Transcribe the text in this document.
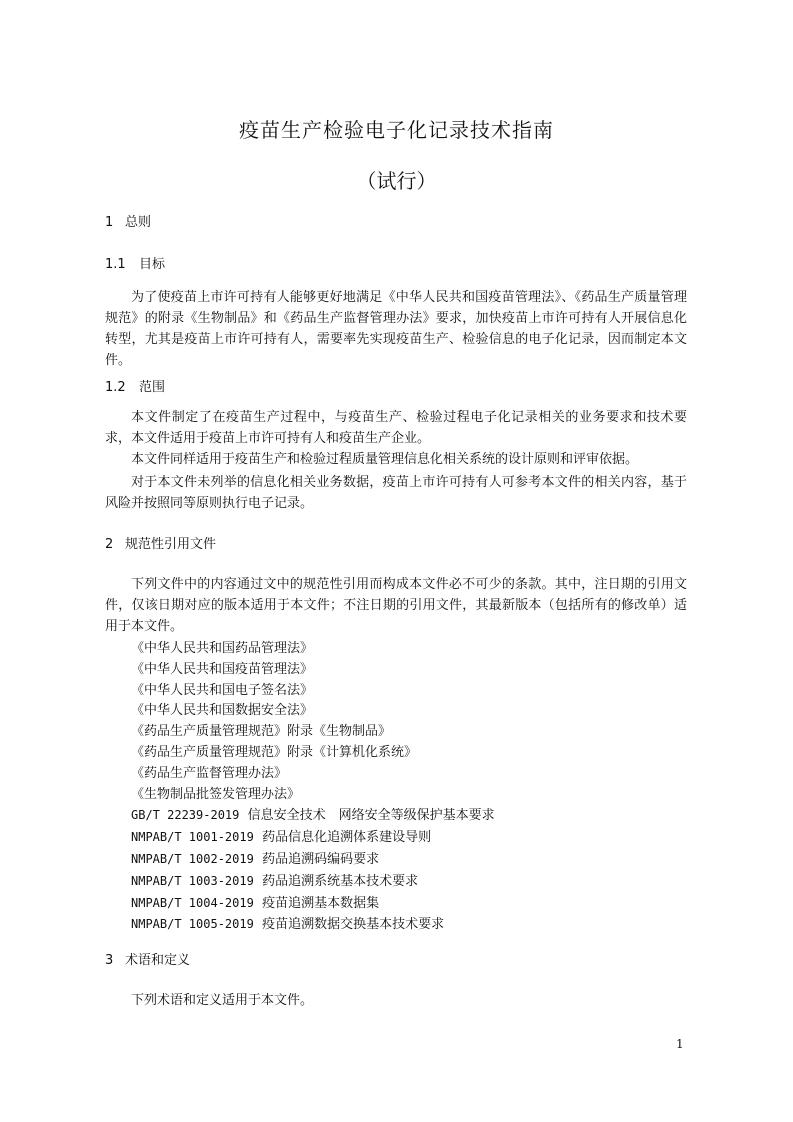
疫苗生产检验电子化记录技术指南
（试行）
1 总则
1.1 目标
为了使疫苗上市许可持有人能够更好地满足《中华人民共和国疫苗管理法》、《药品生产质量管理规范》的附录《生物制品》和《药品生产监督管理办法》要求，加快疫苗上市许可持有人开展信息化转型，尤其是疫苗上市许可持有人，需要率先实现疫苗生产、检验信息的电子化记录，因而制定本文件。
1.2 范围
本文件制定了在疫苗生产过程中，与疫苗生产、检验过程电子化记录相关的业务要求和技术要求，本文件适用于疫苗上市许可持有人和疫苗生产企业。
本文件同样适用于疫苗生产和检验过程质量管理信息化相关系统的设计原则和评审依据。
对于本文件未列举的信息化相关业务数据，疫苗上市许可持有人可参考本文件的相关内容，基于风险并按照同等原则执行电子记录。
2 规范性引用文件
下列文件中的内容通过文中的规范性引用而构成本文件必不可少的条款。其中，注日期的引用文件，仅该日期对应的版本适用于本文件；不注日期的引用文件，其最新版本（包括所有的修改单）适用于本文件。
《中华人民共和国药品管理法》
《中华人民共和国疫苗管理法》
《中华人民共和国电子签名法》
《中华人民共和国数据安全法》
《药品生产质量管理规范》附录《生物制品》
《药品生产质量管理规范》附录《计算机化系统》
《药品生产监督管理办法》
《生物制品批签发管理办法》
GB/T 22239-2019 信息安全技术　网络安全等级保护基本要求
NMPAB/T 1001-2019 药品信息化追溯体系建设导则
NMPAB/T 1002-2019 药品追溯码编码要求
NMPAB/T 1003-2019 药品追溯系统基本技术要求
NMPAB/T 1004-2019 疫苗追溯基本数据集
NMPAB/T 1005-2019 疫苗追溯数据交换基本技术要求
3 术语和定义
下列术语和定义适用于本文件。
1
